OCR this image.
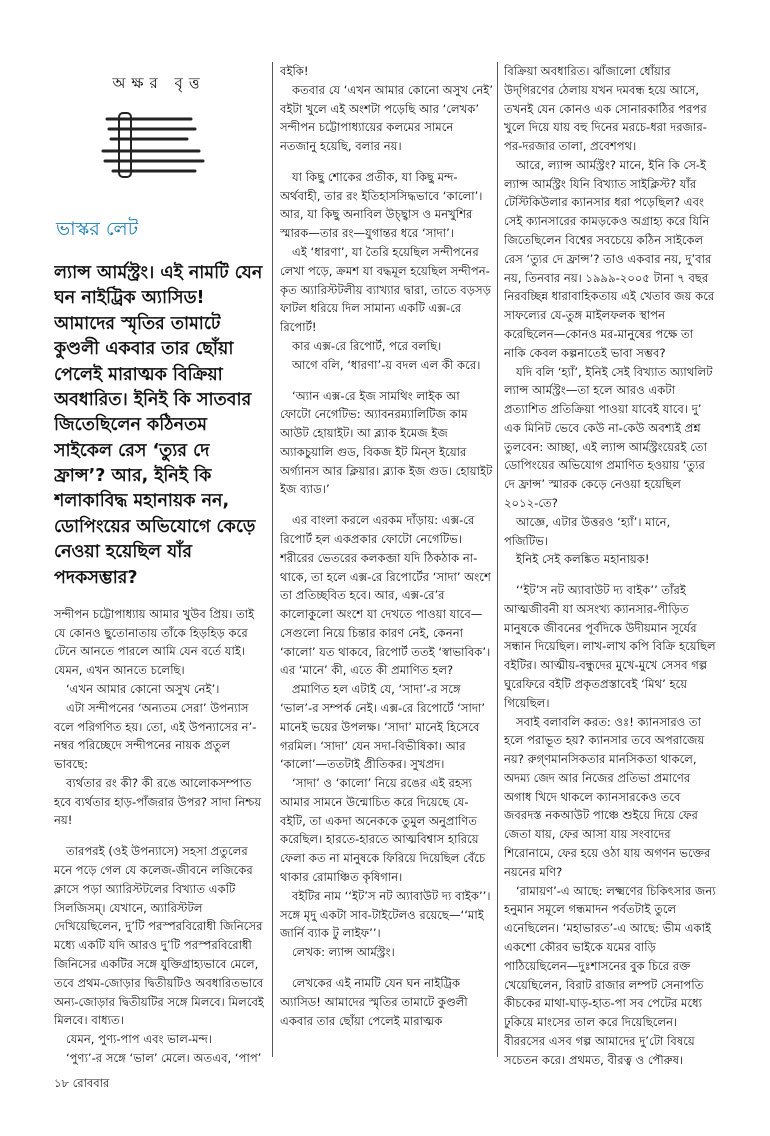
অক্ষর বৃত্ত
ভাস্কর লেট
ল্যান্স আর্মস্ট্রং। এই নামটি যেন ঘন নাইট্রিক অ্যাসিড! আমাদের স্মৃতির তামাটে কুণ্ডলী একবার তার ছোঁয়া পেলেই মারাত্মক বিক্রিয়া অবধারিত। ইনিই কি সাতবার জিতেছিলেন কঠিনতম সাইকেল রেস ‘ত্যুর দে ফ্রান্স’? আর, ইনিই কি শলাকাবিদ্ধ মহানায়ক নন, ডোপিংয়ের অভিযোগে কেড়ে নেওয়া হয়েছিল যাঁর পদকসম্ভার?

সন্দীপন চট্টোপাধ্যায় আমার খুউব প্রিয়। তাই যে কোনও ছুতোনাতায় তাঁকে হিড়হিড় করে টেনে আনতে পারলে আমি যেন বর্তে যাই। যেমন, এখন আনতে চলেছি।

‘এখন আমার কোনো অসুখ নেই’।

এটা সন্দীপনের ‘অন্যতম সেরা’ উপন্যাস বলে পরিগণিত হয়। তো, এই উপন্যাসের ন’-নম্বর পরিচ্ছেদে সন্দীপনের নায়ক প্রতুল ভাবছে:

ব্যর্থতার রং কী? কী রঙে আলোকসম্পাত হবে ব্যর্থতার হাড়-পাঁজরার উপর? সাদা নিশ্চয় নয়!

তারপরই (ওই উপন্যাসে) সহসা প্রতুলের মনে পড়ে গেল যে কলেজ-জীবনে লজিকের ক্লাসে পড়া অ্যারিস্টটলের বিখ্যাত একটি সিলজিসম্‌। যেখানে, অ্যারিস্টটল দেখিয়েছিলেন, দু’টি পরস্পরবিরোধী জিনিসের মধ্যে একটি যদি আরও দু’টি পরস্পরবিরোধী জিনিসের একটির সঙ্গে যুক্তিগ্রাহ্যভাবে মেলে, তবে প্রথম-জোড়ার দ্বিতীয়টিও অবধারিতভাবে অন্য-জোড়ার দ্বিতীয়টির সঙ্গে মিলবে। মিলবেই মিলবে। বাধ্যত।

যেমন, পুণ্য-পাপ এবং ভাল-মন্দ।

‘পুণ্য’-র সঙ্গে ‘ভাল’ মেলে। অতএব, ‘পাপ’

বইকি!

কতবার যে ‘এখন আমার কোনো অসুখ নেই’ বইটা খুলে এই অংশটা পড়েছি আর ‘লেখক’ সন্দীপন চট্টোপাধ্যায়ের কলমের সামনে নতজানু হয়েছি, বলার নয়।

যা কিছু শোকের প্রতীক, যা কিছু মন্দ-অর্থবাহী, তার রং ইতিহাসসিদ্ধভাবে ‘কালো’। আর, যা কিছু অনাবিল উচ্ছ্বাস ও মনখুশির স্মারক—তার রং—যুগান্তর ধরে ‘সাদা’।

এই ‘ধারণা’, যা তৈরি হয়েছিল সন্দীপনের লেখা পড়ে, ক্রমশ যা বদ্ধমূল হয়েছিল সন্দীপন-কৃত অ্যারিস্টটলীয় ব্যাখ্যার দ্বারা, তাতে বড়সড় ফাটল ধরিয়ে দিল সামান্য একটি এক্স-রে রিপোর্ট!

কার এক্স-রে রিপোর্ট, পরে বলছি।

আগে বলি, ‘ধারণা’-য় বদল এল কী করে।

‘অ্যান এক্স-রে ইজ সামথিং লাইক আ ফোটো নেগেটিভ: অ্যাবনরম্যালিটিজ কাম আউট হোয়াইট। আ ব্ল্যাক ইমেজ ইজ অ্যাকচুয়ালি গুড, বিকজ ইট মিন্‌স ইয়োর অর্গ্যানস আর ক্লিয়ার। ব্ল্যাক ইজ গুড। হোয়াইট ইজ ব্যাড।’

এর বাংলা করলে এরকম দাঁড়ায়: এক্স-রে রিপোর্ট হল একপ্রকার ফোটো নেগেটিভ। শরীরের ভেতরের কলকব্জা যদি ঠিকঠাক না-থাকে, তা হলে এক্স-রে রিপোর্টের ‘সাদা’ অংশে তা প্রতিচ্ছবিত হবে। আর, এক্স-রে’র কালোকুলো অংশে যা দেখতে পাওয়া যাবে—সেগুলো নিয়ে চিন্তার কারণ নেই, কেননা ‘কালো’ যত থাকবে, রিপোর্ট ততই ‘স্বাভাবিক’। এর ‘মানে’ কী, এতে কী প্রমাণিত হল?

প্রমাণিত হল এটাই যে, ‘সাদা’-র সঙ্গে ‘ভাল’-র সম্পর্ক নেই। এক্স-রে রিপোর্টে ‘সাদা’ মানেই ভয়ের উপলক্ষ। ‘সাদা’ মানেই হিসেবে গরমিল। ‘সাদা’ যেন সদা-বিভীষিকা। আর ‘কালো’—ততটাই প্রীতিকর। সুখপ্রদ।

‘সাদা’ ও ‘কালো’ নিয়ে রঙের এই রহস্য আমার সামনে উন্মোচিত করে দিয়েছে যে-বইটি, তা একদা অনেককে তুমুল অনুপ্রাণিত করেছিল। হারতে-হারতে আত্মবিশ্বাস হারিয়ে ফেলা কত না মানুষকে ফিরিয়ে দিয়েছিল বেঁচে থাকার রোমাঞ্চিত কৃষিগান।

বইটির নাম ‘‘ইট’স নট অ্যাবাউট দ্য বাইক’’। সঙ্গে মৃদু একটা সাব-টাইটেলও রয়েছে—‘‘মাই জার্নি ব্যাক টু লাইফ’’।

লেখক: ল্যান্স আর্মস্ট্রং।

লেখকের এই নামটি যেন ঘন নাইট্রিক অ্যাসিড! আমাদের স্মৃতির তামাটে কুণ্ডলী একবার তার ছোঁয়া পেলেই মারাত্মক

বিক্রিয়া অবধারিত। ঝাঁজালো ধোঁয়ার উদ্‌গিরণের ঠেলায় যখন দমবন্ধ হয়ে আসে, তখনই যেন কোনও এক সোনারকাঠির পরপর খুলে দিয়ে যায় বহু দিনের মরচে-ধরা দরজার-পর-দরজার তালা, প্রবেশপথ।

আরে, ল্যান্স আর্মস্ট্রং? মানে, ইনি কি সে-ই ল্যান্স আর্মস্ট্রং যিনি বিখ্যাত সাইক্লিস্ট? যাঁর টেস্টিকিউলার ক্যানসার ধরা পড়েছিল? এবং সেই ক্যানসারের কামড়কেও অগ্রাহ্য করে যিনি জিতেছিলেন বিশ্বের সবচেয়ে কঠিন সাইকেল রেস ‘ত্যুর দে ফ্রান্স’? তাও একবার নয়, দু’বার নয়, তিনবার নয়। ১৯৯৯-২০০৫ টানা ৭ বছর নিরবচ্ছিন্ন ধারাবাহিকতায় এই খেতাব জয় করে সাফল্যের যে-তুঙ্গ মাইলফলক স্থাপন করেছিলেন—কোনও মর-মানুষের পক্ষে তা নাকি কেবল কল্পনাতেই ভাবা সম্ভব?

যদি বলি ‘হ্যাঁ’, ইনিই সেই বিখ্যাত অ্যাথলিট ল্যান্স আর্মস্ট্রং—তা হলে আরও একটা প্রত্যাশিত প্রতিক্রিয়া পাওয়া যাবেই যাবে। দু’ এক মিনিট ভেবে কেউ না-কেউ অবশ্যই প্রশ্ন তুলবেন: আচ্ছা, এই ল্যান্স আর্মস্ট্রংয়েরই তো ডোপিংয়ের অভিযোগ প্রমাণিত হওয়ায় ‘ত্যুর দে ফ্রান্স’ স্মারক কেড়ে নেওয়া হয়েছিল ২০১২-তে?

আজ্ঞে, এটার উত্তরও ‘হ্যাঁ’। মানে, পজিটিভ।

ইনিই সেই কলঙ্কিত মহানায়ক!

‘‘ইট’স নট অ্যাবাউট দ্য বাইক’’ তাঁরই আত্মজীবনী যা অসংখ্য ক্যানসার-পীড়িত মানুষকে জীবনের পূর্বদিকে উদীয়মান সূর্যের সন্ধান দিয়েছিল। লাখ-লাখ কপি বিক্রি হয়েছিল বইটির। আত্মীয়-বন্ধুদের মুখে-মুখে সেসব গল্প ঘুরেফিরে বইটি প্রকৃতপ্রস্তাবেই ‘মিথ’ হয়ে গিয়েছিল।

সবাই বলাবলি করত: ওঃ! ক্যানসারও তা হলে পরাভূত হয়? ক্যানসার তবে অপরাজেয় নয়? রুগ্‌ণমানসিকতার মানসিকতা থাকলে, অদম্য জেদ আর নিজের প্রতিভা প্রমাণের অগাধ খিদে থাকলে ক্যানসারকেও তবে জবরদস্ত নকআউট পাঞ্চে শুইয়ে দিয়ে ফের জেতা যায়, ফের আসা যায় সংবাদের শিরোনামে, ফের হয়ে ওঠা যায় অগণন ভক্তের নয়নের মণি?

‘রামায়ণ’-এ আছে: লক্ষ্মণের চিকিৎসার জন্য হনুমান সমূলে গন্ধমাদন পর্বতটাই তুলে এনেছিলেন। ‘মহাভারত’-এ আছে: ভীম একাই একশো কৌরব ভাইকে যমের বাড়ি পাঠিয়েছিলেন—দুঃশাসনের বুক চিরে রক্ত খেয়েছিলেন, বিরাট রাজার লম্পট সেনাপতি কীচকের মাথা-ঘাড়-হাত-পা সব পেটের মধ্যে ঢুকিয়ে মাংসের তাল করে দিয়েছিলেন। বীররসের এসব গল্প আমাদের দু’টো বিষয়ে সচেতন করে। প্রথমত, বীরত্ব ও পৌরুষ।

১৮ রোববার
